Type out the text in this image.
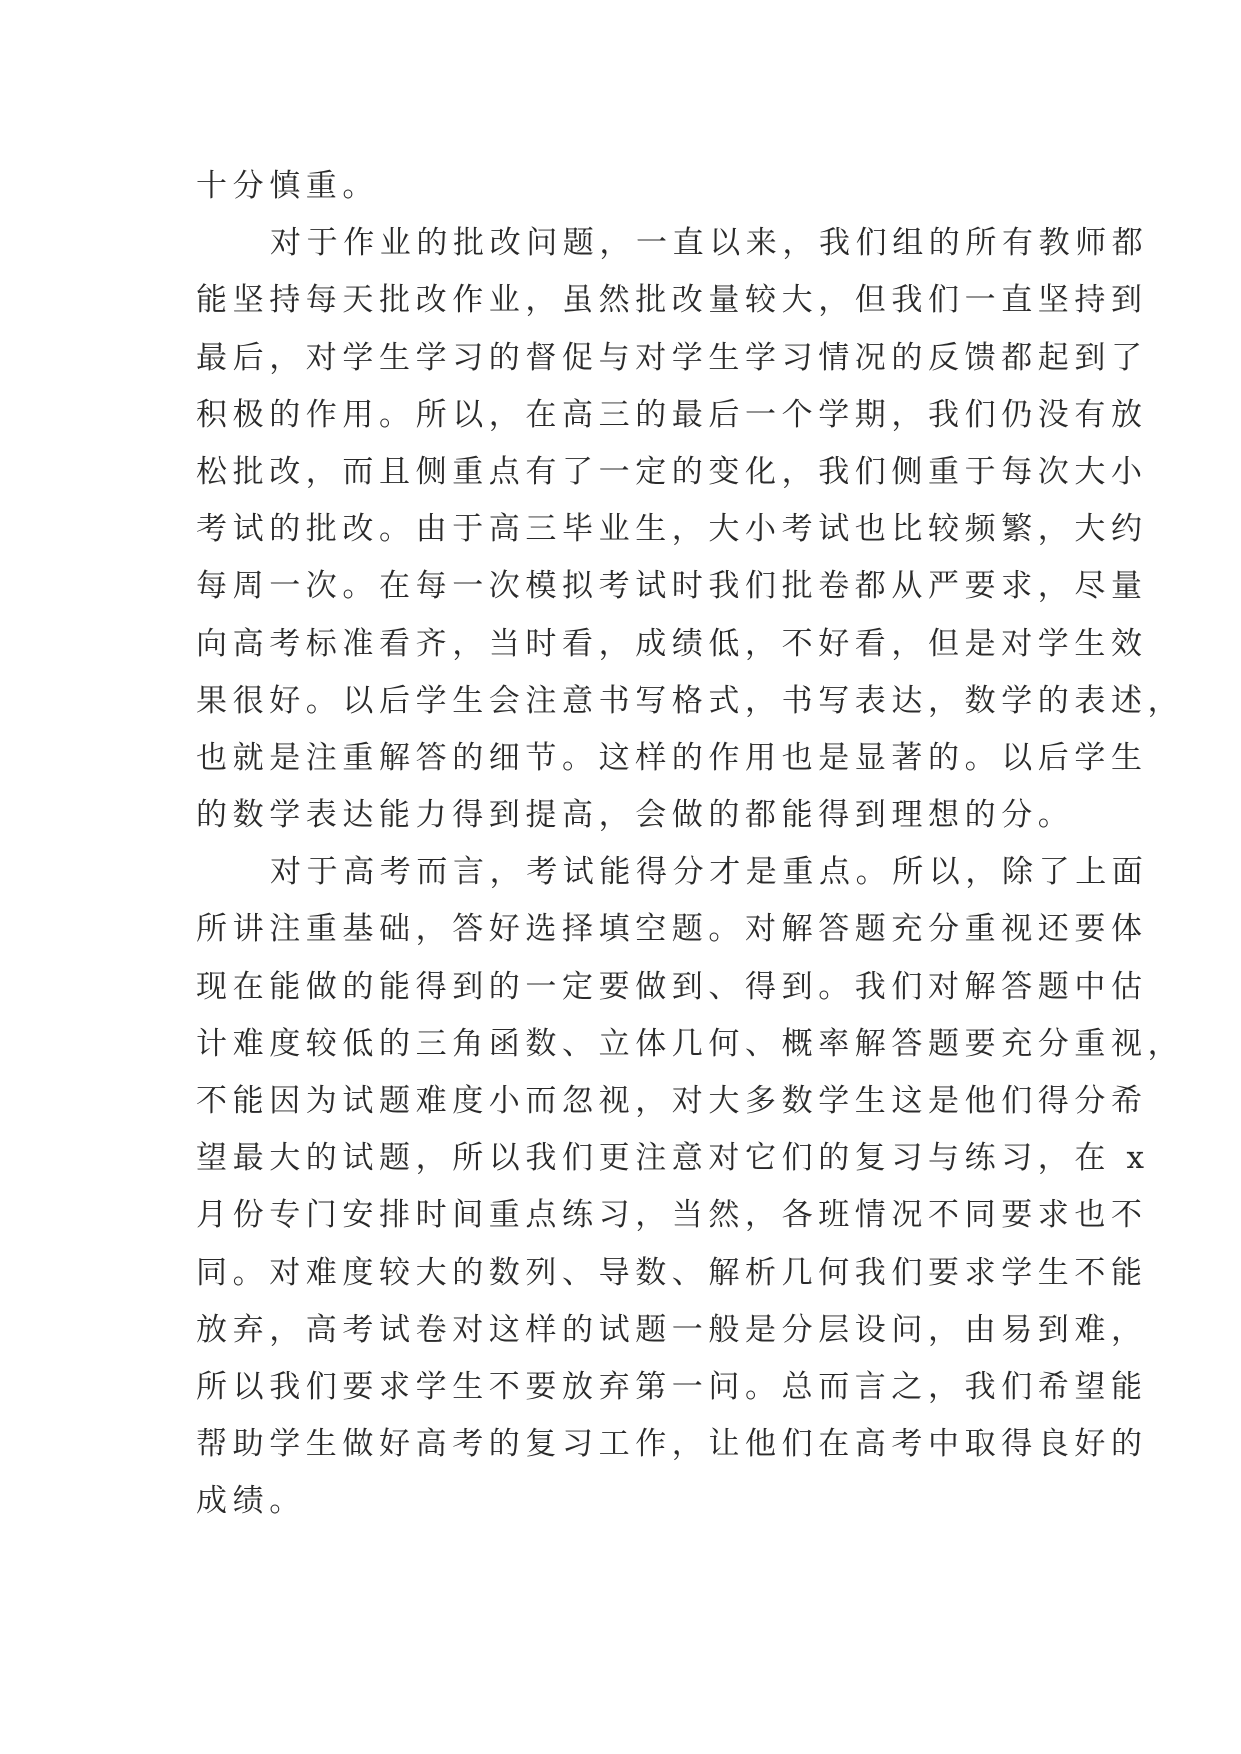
十分慎重。
对于作业的批改问题，一直以来，我们组的所有教师都
能坚持每天批改作业，虽然批改量较大，但我们一直坚持到
最后，对学生学习的督促与对学生学习情况的反馈都起到了
积极的作用。所以，在高三的最后一个学期，我们仍没有放
松批改，而且侧重点有了一定的变化，我们侧重于每次大小
考试的批改。由于高三毕业生，大小考试也比较频繁，大约
每周一次。在每一次模拟考试时我们批卷都从严要求，尽量
向高考标准看齐，当时看，成绩低，不好看，但是对学生效
果很好。以后学生会注意书写格式，书写表达，数学的表述，
也就是注重解答的细节。这样的作用也是显著的。以后学生
的数学表达能力得到提高，会做的都能得到理想的分。
对于高考而言，考试能得分才是重点。所以，除了上面
所讲注重基础，答好选择填空题。对解答题充分重视还要体
现在能做的能得到的一定要做到、得到。我们对解答题中估
计难度较低的三角函数、立体几何、概率解答题要充分重视，
不能因为试题难度小而忽视，对大多数学生这是他们得分希
望最大的试题，所以我们更注意对它们的复习与练习，在 x
月份专门安排时间重点练习，当然，各班情况不同要求也不
同。对难度较大的数列、导数、解析几何我们要求学生不能
放弃，高考试卷对这样的试题一般是分层设问，由易到难，
所以我们要求学生不要放弃第一问。总而言之，我们希望能
帮助学生做好高考的复习工作，让他们在高考中取得良好的
成绩。
